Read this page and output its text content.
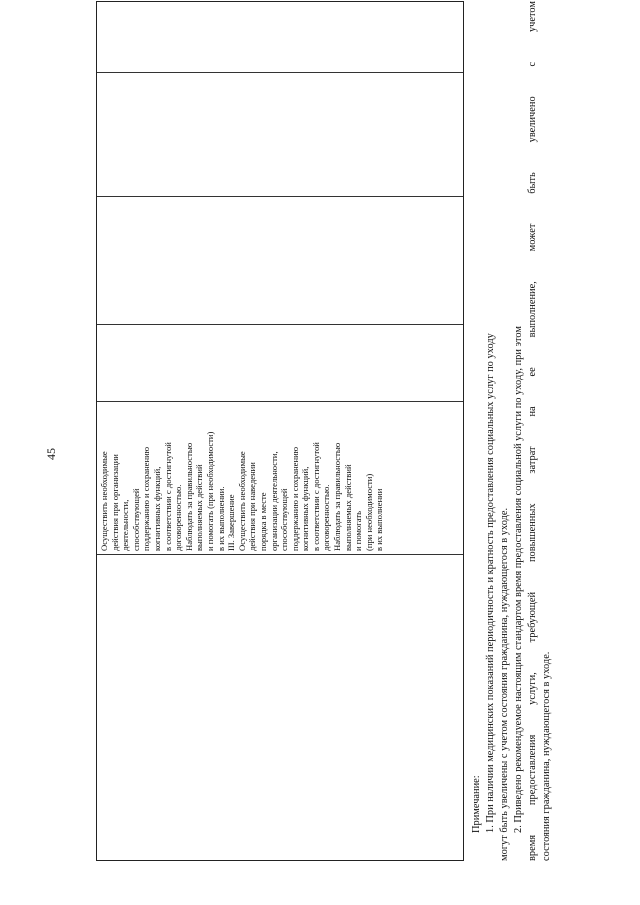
45	Осуществить необходимые действия при организации деятельности, способствующей поддержанию и сохранению когнитивных функций, в соответствии с достигнутой договоренностью. Наблюдать за правильностью выполняемых действий и помогать (при необходимости) в их выполнении. III. Завершение Осуществить необходимые действия при наведении порядка в месте организации деятельности, способствующей поддержанию и сохранению когнитивных функций, в соответствии с достигнутой договоренностью. Наблюдать за правильностью выполняемых действий и помогать (при необходимости) в их выполнении
Примечание: 1. При наличии медицинских показаний периодичность и кратность предоставления социальных услуг по уходу могут быть увеличены с учетом состояния гражданина, нуждающегося в уходе. 2. Приведено рекомендуемое настоящим стандартом время предоставления социальной услуги по уходу, при этом время предоставления услуги, требующей повышенных затрат на ее выполнение, может быть увеличено с учетом состояния гражданина, нуждающегося в уходе.
